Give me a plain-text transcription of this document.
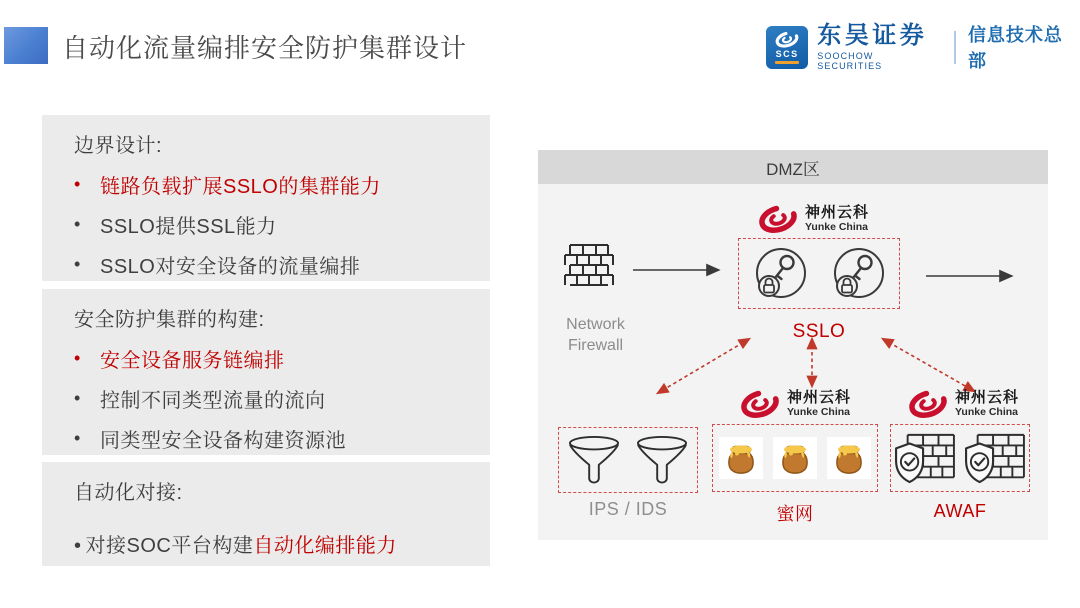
自动化流量编排安全防护集群设计	SCS
东吴证券
SOOCHOW SECURITIES
信息技术总部
边界设计:
• 链路负载扩展SSLO的集群能力
• SSLO提供SSL能力
• SSLO对安全设备的流量编排
安全防护集群的构建:
• 安全设备服务链编排
• 控制不同类型流量的流向
• 同类型安全设备构建资源池
自动化对接:
• 对接SOC平台构建自动化编排能力
DMZ区
Network
Firewall
神州云科
Yunke China
SSLO
IPS / IDS
神州云科
Yunke China
蜜网
神州云科
Yunke China
AWAF
